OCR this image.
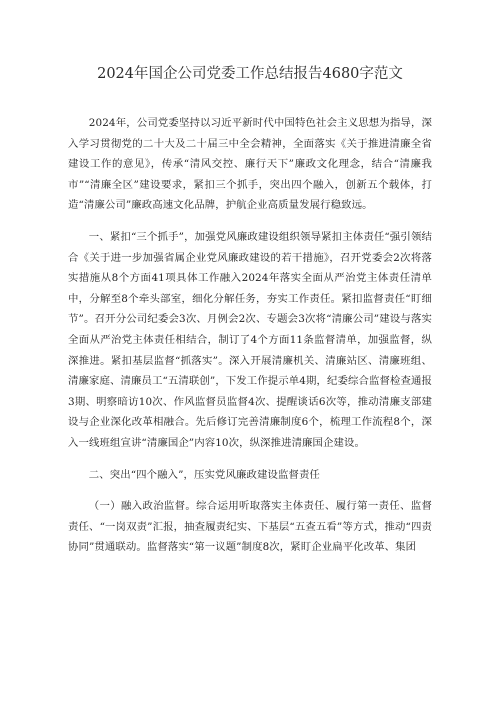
2024年国企公司党委工作总结报告4680字范文

2024年，公司党委坚持以习近平新时代中国特色社会主义思想为指导，深入学习贯彻党的二十大及二十届三中全会精神，全面落实《关于推进清廉全省建设工作的意见》，传承“清风交控、廉行天下”廉政文化理念，结合“清廉我市”“清廉全区”建设要求，紧扣三个抓手，突出四个融入，创新五个载体，打造“清廉公司”廉政高速文化品牌，护航企业高质量发展行稳致远。

一、紧扣“三个抓手”，加强党风廉政建设组织领导紧扣主体责任“强引领结合《关于进一步加强省属企业党风廉政建设的若干措施》，召开党委会2次将落实措施从8个方面41项具体工作融入2024年落实全面从严治党主体责任清单中，分解至8个牵头部室，细化分解任务，夯实工作责任。紧扣监督责任“盯细节”。召开分公司纪委会3次、月例会2次、专题会3次将“清廉公司”建设与落实全面从严治党主体责任相结合，制订了4个方面11条监督清单，加强监督，纵深推进。紧扣基层监督“抓落实”。深入开展清廉机关、清廉站区、清廉班组、清廉家庭、清廉员工“五清联创”，下发工作提示单4期，纪委综合监督检查通报3期、明察暗访10次、作风监督员监督4次、提醒谈话6次等，推动清廉支部建设与企业深化改革相融合。先后修订完善清廉制度6个，梳理工作流程8个，深入一线班组宣讲“清廉国企”内容10次，纵深推进清廉国企建设。

二、突出“四个融入”，压实党风廉政建设监督责任

（一）融入政治监督。综合运用听取落实主体责任、履行第一责任、监督责任、“一岗双责”汇报，抽查履责纪实、下基层“五查五看”等方式，推动“四责协同”贯通联动。监督落实“第一议题”制度8次，紧盯企业扁平化改革、集团
